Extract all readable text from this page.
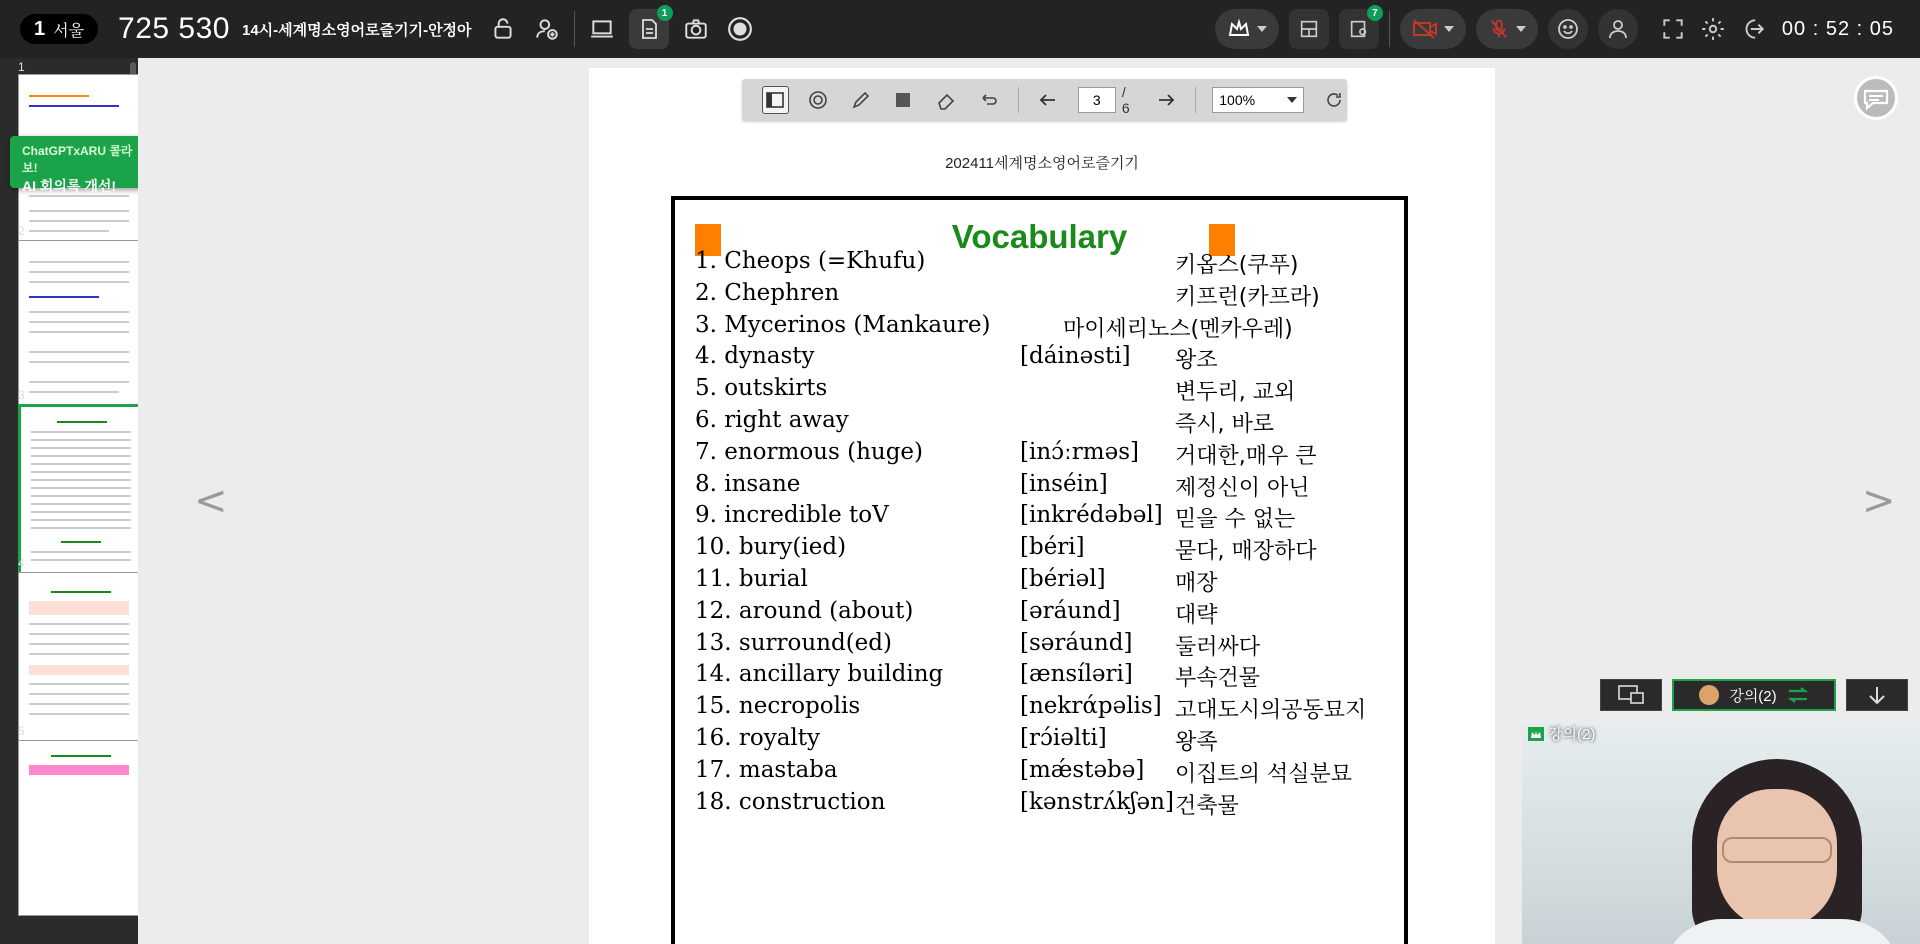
1 서울 725 530 14시-세계명소영어로즐기기-안정아
1	7
00 : 52 : 05
1
2
3
4
5
ChatGPTxARU 콜라보!
AI 회의록 개선!
<	>
202411세계명소영어로즐기기
Vocabulary
1. Cheops (=Khufu)	키옵스(쿠푸)
2. Chephren	키프런(카프라)
3. Mycerinos (Mankaure)	마이세리노스(멘카우레)
4. dynasty	[dáinəsti] 왕조
5. outskirts	변두리, 교외
6. right away	즉시, 바로
7. enormous (huge)	[inɔ́ːrməs] 거대한,매우 큰
8. insane	[inséin]	제정신이 아닌
9. incredible toV	[inkrédəbəl] 믿을 수 없는
10. bury(ied)	[béri]	묻다, 매장하다
11. burial	[bériəl]	매장
12. around (about)	[əráund] 대략
13. surround(ed)	[səráund] 둘러싸다
14. ancillary building	[ænsíləri] 부속건물
15. necropolis	[nekrάpəlis] 고대도시의공동묘지
16. royalty	[rɔ́iəlti]	왕족
17. mastaba	[mǽstəbə] 이집트의 석실분묘
18. construction	[kənstrʌ́kʃən] 건축물
3	/ 6	100%
강의(2)
강의(2)
